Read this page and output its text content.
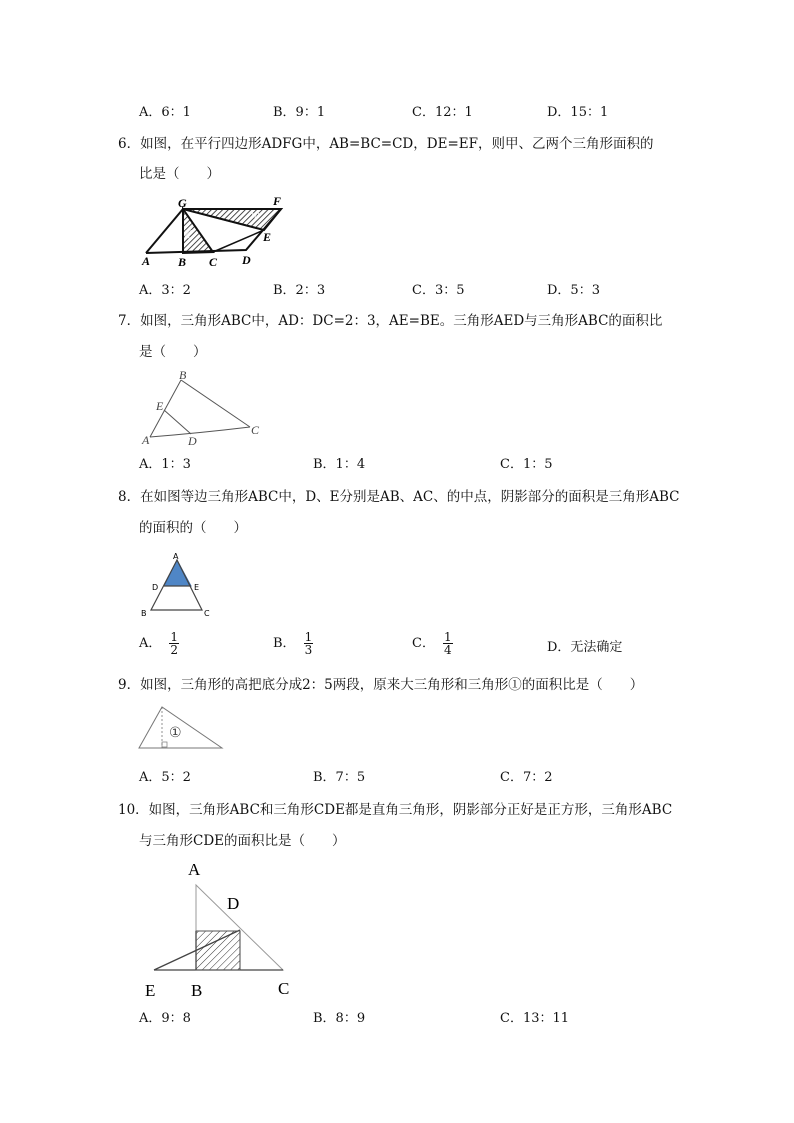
A．6：1	B．9：1	C．12：1	D．15：1
6．如图，在平行四边形ADFG中，AB=BC=CD，DE=EF，则甲、乙两个三角形面积的
比是（　　）
乙
甲
G	F
E
A B C D
A．3：2	B．2：3	C．3：5	D．5：3
7．如图，三角形ABC中，AD：DC=2：3，AE=BE。三角形AED与三角形ABC的面积比
是（　　）
B
E
A	D
C
A．1：3	B．1：4	C．1：5
8．在如图等边三角形ABC中，D、E分别是AB、AC、的中点，阴影部分的面积是三角形ABC
的面积的（　　）
A
D	E
B	C
A． $\frac{1}{2}$	B． $\frac{1}{3}$	C． $\frac{1}{4}$	D．无法确定
9．如图，三角形的高把底分成2：5两段，原来大三角形和三角形①的面积比是（　　）
①
A．5：2	B．7：5	C．7：2
10．如图，三角形ABC和三角形CDE都是直角三角形，阴影部分正好是正方形，三角形ABC
与三角形CDE的面积比是（　　）
A
D
E B	C
A．9：8	B．8：9	C．13：11
